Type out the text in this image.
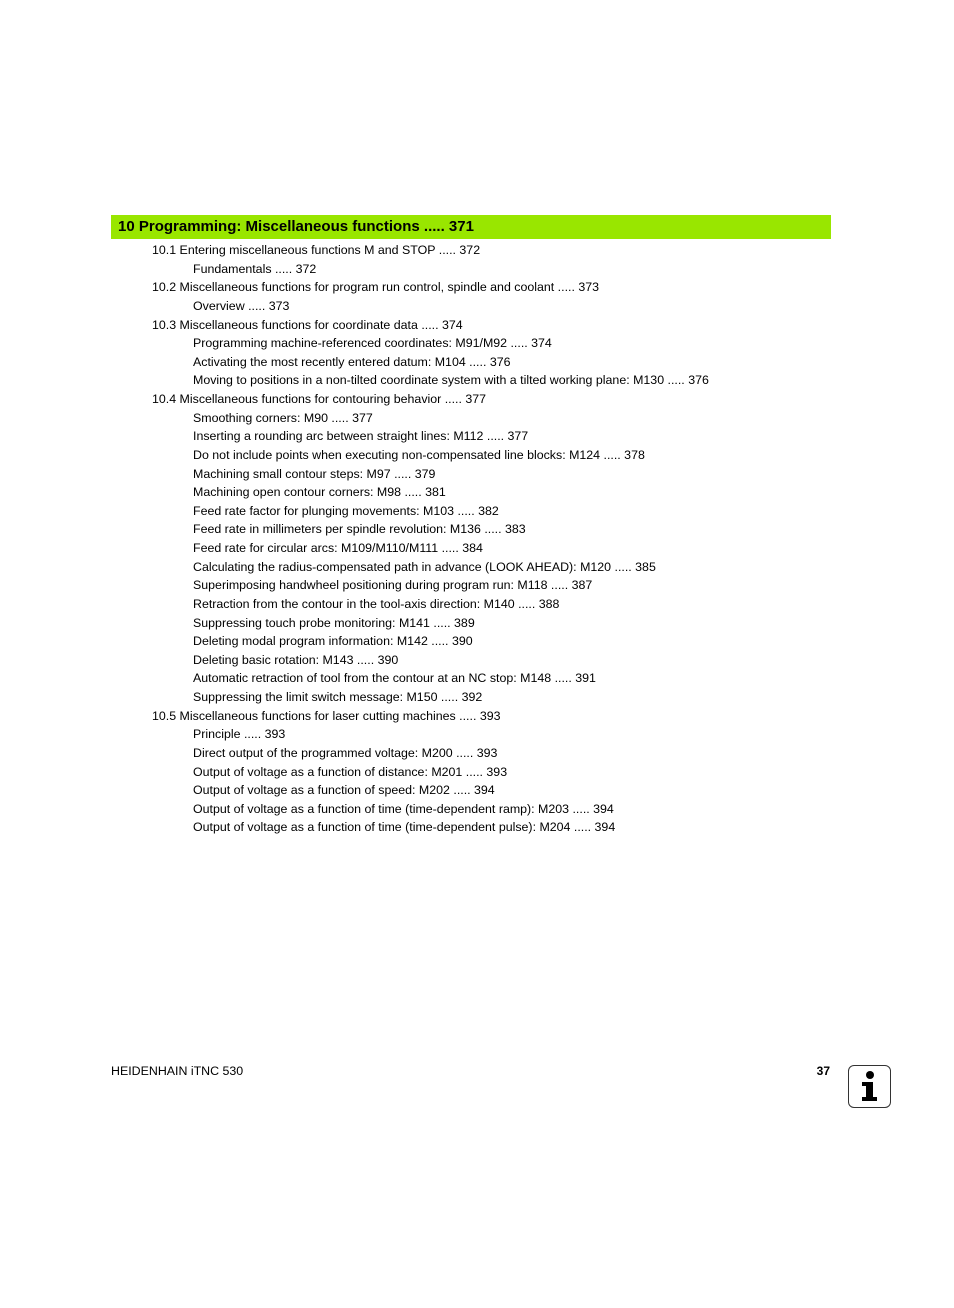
10 Programming: Miscellaneous functions ..... 371
10.1 Entering miscellaneous functions M and STOP ..... 372
Fundamentals ..... 372
10.2 Miscellaneous functions for program run control, spindle and coolant ..... 373
Overview ..... 373
10.3 Miscellaneous functions for coordinate data ..... 374
Programming machine-referenced coordinates: M91/M92 ..... 374
Activating the most recently entered datum: M104 ..... 376
Moving to positions in a non-tilted coordinate system with a tilted working plane: M130 ..... 376
10.4 Miscellaneous functions for contouring behavior ..... 377
Smoothing corners: M90 ..... 377
Inserting a rounding arc between straight lines: M112 ..... 377
Do not include points when executing non-compensated line blocks: M124 ..... 378
Machining small contour steps: M97 ..... 379
Machining open contour corners: M98 ..... 381
Feed rate factor for plunging movements: M103 ..... 382
Feed rate in millimeters per spindle revolution: M136 ..... 383
Feed rate for circular arcs: M109/M110/M111 ..... 384
Calculating the radius-compensated path in advance (LOOK AHEAD): M120 ..... 385
Superimposing handwheel positioning during program run: M118 ..... 387
Retraction from the contour in the tool-axis direction: M140 ..... 388
Suppressing touch probe monitoring: M141 ..... 389
Deleting modal program information: M142 ..... 390
Deleting basic rotation: M143 ..... 390
Automatic retraction of tool from the contour at an NC stop: M148 ..... 391
Suppressing the limit switch message: M150 ..... 392
10.5 Miscellaneous functions for laser cutting machines ..... 393
Principle ..... 393
Direct output of the programmed voltage: M200 ..... 393
Output of voltage as a function of distance: M201 ..... 393
Output of voltage as a function of speed: M202 ..... 394
Output of voltage as a function of time (time-dependent ramp): M203 ..... 394
Output of voltage as a function of time (time-dependent pulse): M204 ..... 394
HEIDENHAIN iTNC 530	37
